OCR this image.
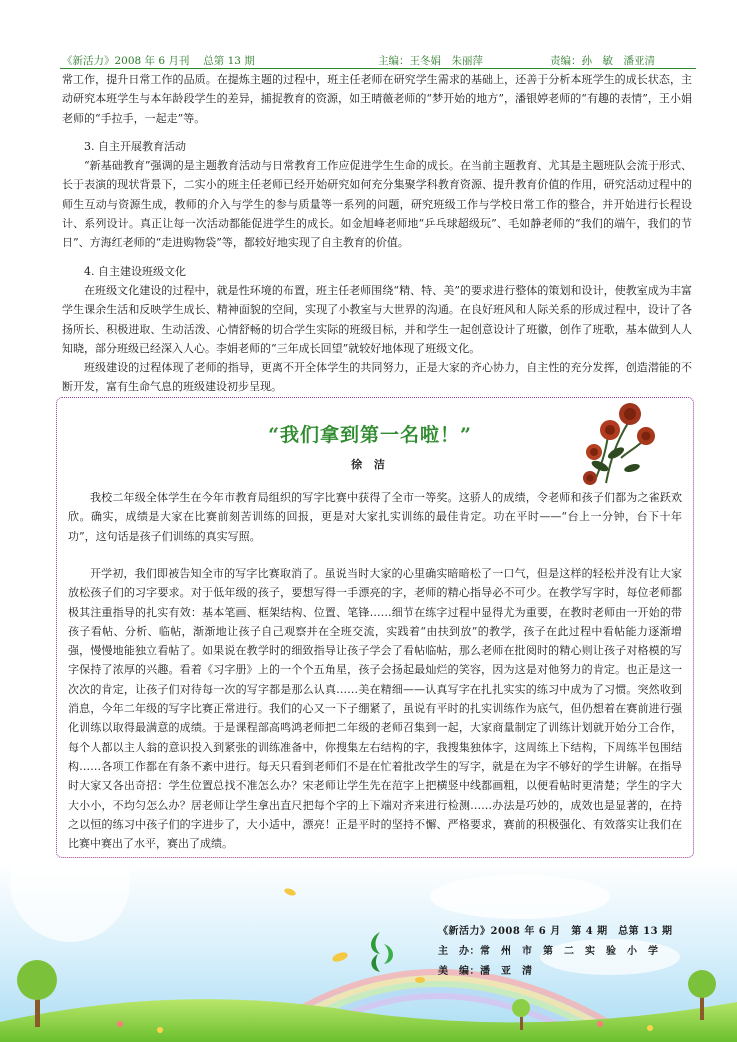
《新活力》2008 年 6 月刊　 总第 13 期	主编：王冬娟　朱丽萍	责编：孙　敏　潘亚清

常工作，提升日常工作的品质。在提炼主题的过程中，班主任老师在研究学生需求的基础上，还善于分析本班学生的成长状态，主动研究本班学生与本年龄段学生的差异，捕捉教育的资源，如王晴薇老师的“梦开始的地方”，潘银婷老师的“有趣的表情”，王小娟老师的“手拉手，一起走”等。

3. 自主开展教育活动

“新基础教育”强调的是主题教育活动与日常教育工作应促进学生生命的成长。在当前主题教育、尤其是主题班队会流于形式、长于表演的现状背景下，二实小的班主任老师已经开始研究如何充分集聚学科教育资源、提升教育价值的作用，研究活动过程中的师生互动与资源生成，教师的介入与学生的参与质量等一系列的问题，研究班级工作与学校日常工作的整合，并开始进行长程设计、系列设计。真正让每一次活动都能促进学生的成长。如金旭峰老师地“乒乓球超级玩”、毛如静老师的“我们的端午，我们的节日”、方海红老师的“走进购物袋”等，都较好地实现了自主教育的价值。

4. 自主建设班级文化

在班级文化建设的过程中，就是性环境的布置，班主任老师围绕“精、特、美”的要求进行整体的策划和设计，使教室成为丰富学生课余生活和反映学生成长、精神面貌的空间，实现了小教室与大世界的沟通。在良好班风和人际关系的形成过程中，设计了各扬所长、积极进取、生动活泼、心情舒畅的切合学生实际的班级目标，并和学生一起创意设计了班徽，创作了班歌，基本做到人人知晓，部分班级已经深入人心。李娟老师的“三年成长回望”就较好地体现了班级文化。

班级建设的过程体现了老师的指导，更离不开全体学生的共同努力，正是大家的齐心协力，自主性的充分发挥，创造潜能的不断开发，富有生命气息的班级建设初步呈现。

“我们拿到第一名啦！”
徐 洁

我校二年级全体学生在今年市教育局组织的写字比赛中获得了全市一等奖。这骄人的成绩，令老师和孩子们都为之雀跃欢欣。确实，成绩是大家在比赛前刻苦训练的回报，更是对大家扎实训练的最佳肯定。功在平时——“台上一分钟，台下十年功”，这句话是孩子们训练的真实写照。

开学初，我们即被告知全市的写字比赛取消了。虽说当时大家的心里确实暗暗松了一口气，但是这样的轻松并没有让大家放松孩子们的习字要求。对于低年级的孩子，要想写得一手漂亮的字，老师的精心指导必不可少。在教学写字时，每位老师都极其注重指导的扎实有效：基本笔画、框架结构、位置、笔锋……细节在练字过程中显得尤为重要，在教时老师由一开始的带孩子看帖、分析、临帖，渐渐地让孩子自己观察并在全班交流，实践着“由扶到放”的教学，孩子在此过程中看帖能力逐渐增强，慢慢地能独立看帖了。如果说在教学时的细致指导让孩子学会了看帖临帖，那么老师在批阅时的精心则让孩子对格模的写字保持了浓厚的兴趣。看着《习字册》上的一个个五角星，孩子会扬起最灿烂的笑容，因为这是对他努力的肯定。也正是这一次次的肯定，让孩子们对待每一次的写字都是那么认真……美在精细——认真写字在扎扎实实的练习中成为了习惯。突然收到消息，今年二年级的写字比赛正常进行。我们的心又一下子绷紧了，虽说有平时的扎实训练作为底气，但仍想着在赛前进行强化训练以取得最满意的成绩。于是课程部高鸣鸿老师把二年级的老师召集到一起，大家商量制定了训练计划就开始分工合作，每个人都以主人翁的意识投入到紧张的训练准备中，你搜集左右结构的字，我搜集独体字，这周练上下结构，下周练半包围结构……各项工作都在有条不紊中进行。每天只看到老师们不是在忙着批改学生的写字，就是在为字不够好的学生讲解。在指导时大家又各出奇招：学生位置总找不准怎么办？宋老师让学生先在范字上把横竖中线都画粗，以便看帖时更清楚；学生的字大大小小，不均匀怎么办？居老师让学生拿出直尺把每个字的上下端对齐来进行检测……办法是巧妙的，成效也是显著的，在持之以恒的练习中孩子们的字进步了，大小适中，漂亮！正是平时的坚持不懈、严格要求，赛前的积极强化、有效落实让我们在比赛中赛出了水平，赛出了成绩。

《新活力》2008 年 6 月　第 4 期　总第 13 期
主　办：常　州　市　第　二　实　验　小　学
美　编：潘　亚　清
